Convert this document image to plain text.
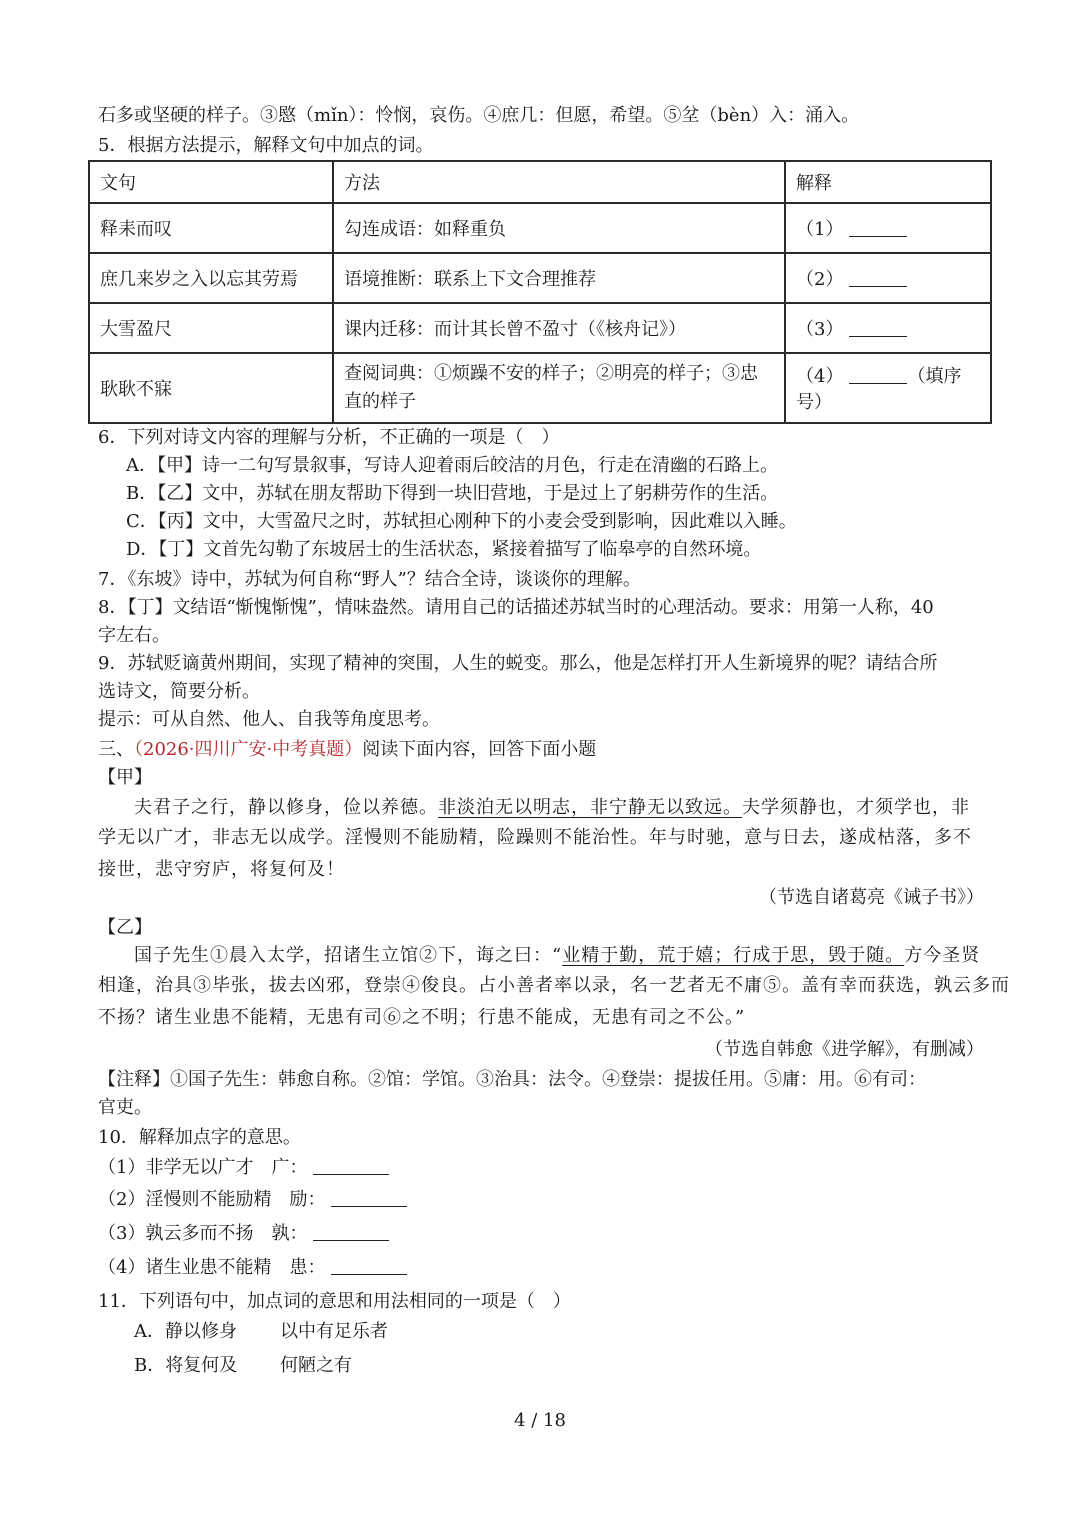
石多或坚硬的样子。③愍（mǐn）：怜悯，哀伤。④庶几：但愿，希望。⑤坌（bèn）入：涌入。
5．根据方法提示，解释文句中加点的词。
文句	方法	解释
释耒而叹	勾连成语：如释重负	（1）
庶几来岁之入以忘其劳焉	语境推断：联系上下文合理推荐	（2）
大雪盈尺	课内迁移：而计其长曾不盈寸（《核舟记》）	（3）
耿耿不寐	查阅词典：①烦躁不安的样子；②明亮的样子；③忠直的样子	（4） （填序号）
6．下列对诗文内容的理解与分析，不正确的一项是（　）
A．【甲】诗一二句写景叙事，写诗人迎着雨后皎洁的月色，行走在清幽的石路上。
B．【乙】文中，苏轼在朋友帮助下得到一块旧营地，于是过上了躬耕劳作的生活。
C．【丙】文中，大雪盈尺之时，苏轼担心刚种下的小麦会受到影响，因此难以入睡。
D．【丁】文首先勾勒了东坡居士的生活状态，紧接着描写了临皋亭的自然环境。
7．《东坡》诗中，苏轼为何自称“野人”？结合全诗，谈谈你的理解。
8．【丁】文结语“惭愧惭愧”，情味盎然。请用自己的话描述苏轼当时的心理活动。要求：用第一人称，40
字左右。
9．苏轼贬谪黄州期间，实现了精神的突围，人生的蜕变。那么，他是怎样打开人生新境界的呢？请结合所
选诗文，简要分析。
提示：可从自然、他人、自我等角度思考。
三、（2026·四川广安·中考真题）阅读下面内容，回答下面小题
【甲】
夫君子之行，静以修身，俭以养德。非淡泊无以明志，非宁静无以致远。夫学须静也，才须学也，非
学无以广才，非志无以成学。淫慢则不能励精，险躁则不能治性。年与时驰，意与日去，遂成枯落，多不
接世，悲守穷庐，将复何及！
（节选自诸葛亮《诫子书》）
【乙】
国子先生①晨入太学，招诸生立馆②下，诲之曰：“业精于勤，荒于嬉；行成于思，毁于随。方今圣贤
相逢，治具③毕张，拔去凶邪，登崇④俊良。占小善者率以录，名一艺者无不庸⑤。盖有幸而获选，孰云多而
不扬？诸生业患不能精，无患有司⑥之不明；行患不能成，无患有司之不公。”
（节选自韩愈《进学解》，有删减）
【注释】①国子先生：韩愈自称。②馆：学馆。③治具：法令。④登崇：提拔任用。⑤庸：用。⑥有司：
官吏。
10．解释加点字的意思。
（1）非学无以广才　广：
（2）淫慢则不能励精　励：
（3）孰云多而不扬　孰：
（4）诸生业患不能精　患：
11．下列语句中，加点词的意思和用法相同的一项是（　）
A．静以修身 以中有足乐者
B．将复何及 何陋之有
4 / 18
